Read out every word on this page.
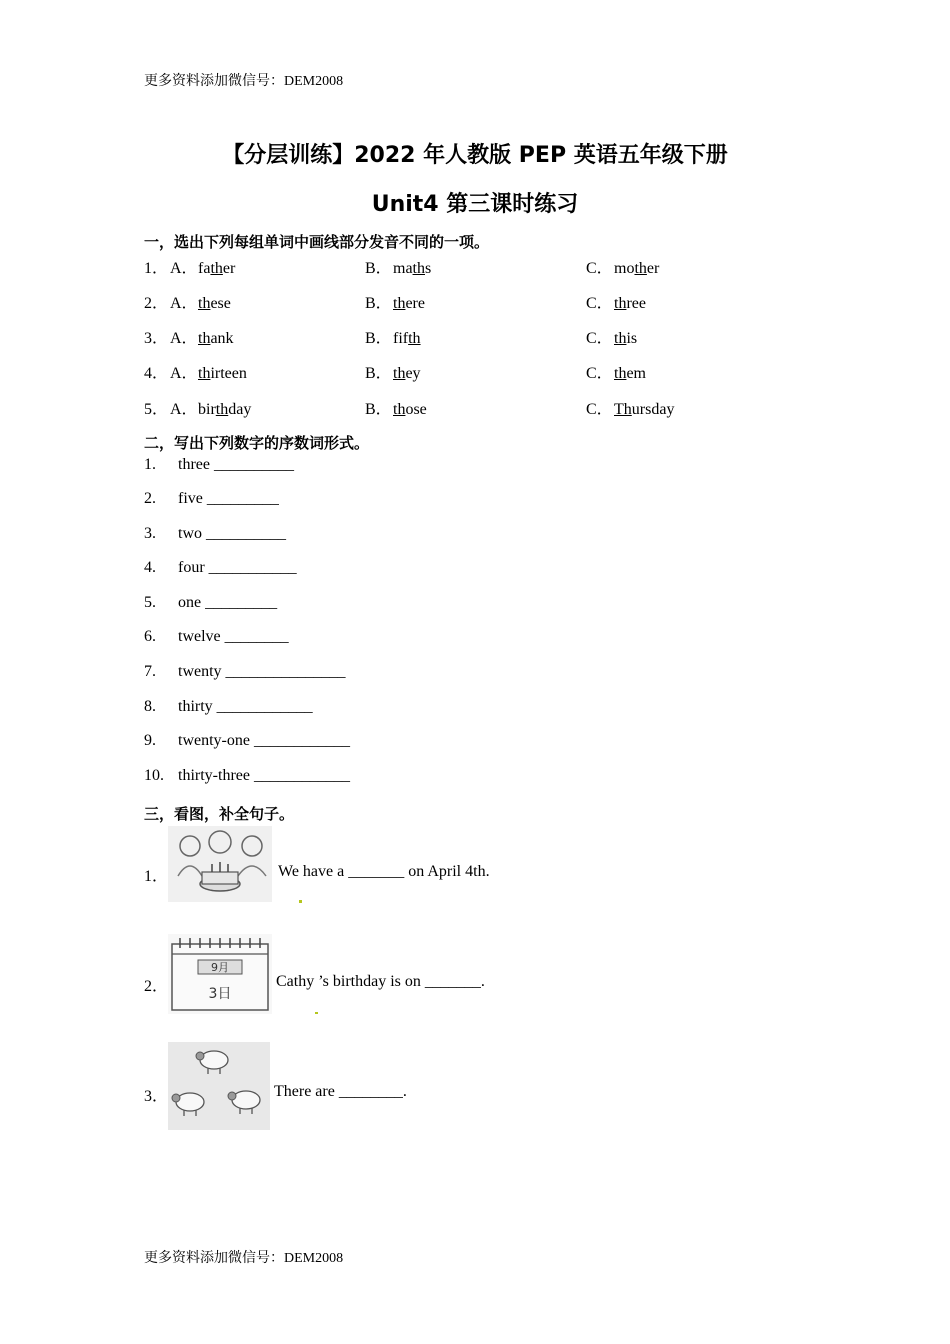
更多资料添加微信号：DEM2008
【分层训练】2022 年人教版 PEP 英语五年级下册
Unit4 第三课时练习
一，选出下列每组单词中画线部分发音不同的一项。
1． A．father	B．maths	C．mother
2． A．these	B．there	C．three
3． A．thank	B．fifth	C．this
4． A．thirteen	B．they	C．them
5． A．birthday	B．those	C．Thursday
二，写出下列数字的序数词形式。
1. three __________
2. five _________
3. two __________
4. four ___________
5. one _________
6. twelve ________
7. twenty _______________
8. thirty ____________
9. twenty-one ____________
10. thirty-three ____________
三，看图，补全句子。
1．	We have a _______ on April 4th.
2．	Cathy ’s birthday is on _______.
9月
3日
3．	There are ________.
更多资料添加微信号：DEM2008
